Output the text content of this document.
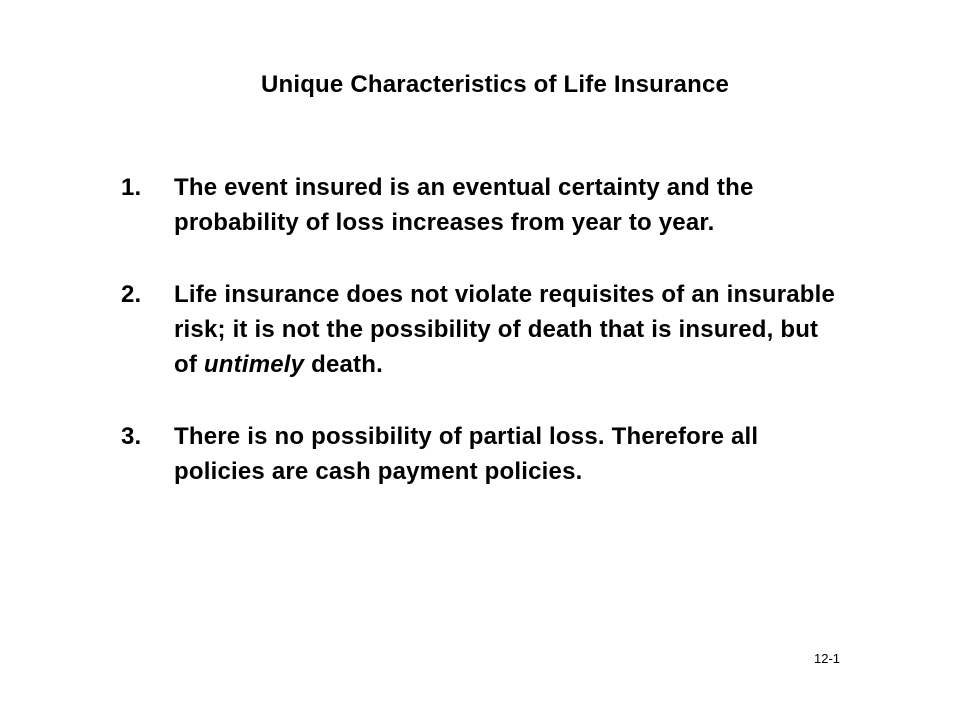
Unique Characteristics of Life Insurance
1. The event insured is an eventual certainty and the probability of loss increases from year to year.
2. Life insurance does not violate requisites of an insurable risk; it is not the possibility of death that is insured, but of untimely death.
3. There is no possibility of partial loss. Therefore all policies are cash payment policies.
12-1
